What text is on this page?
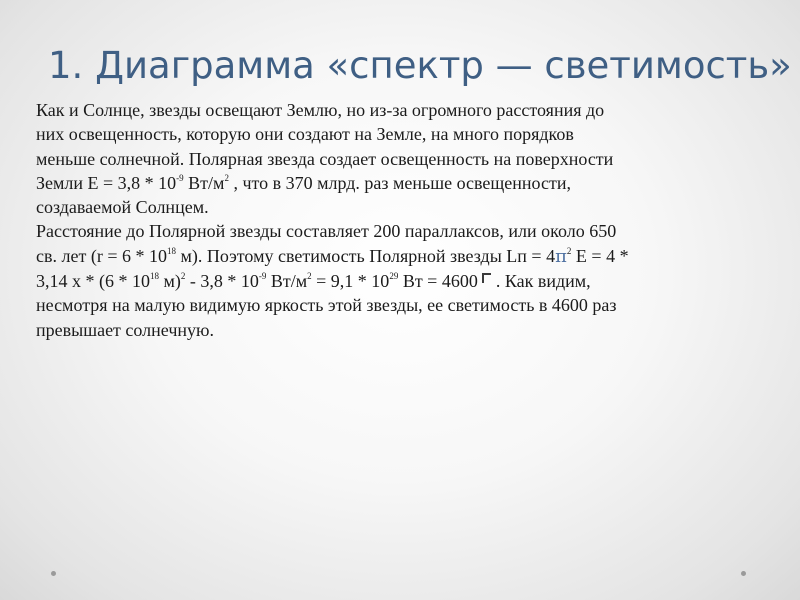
1. Диаграмма «спектр — светимость»

Как и Солнце, звезды освещают Землю, но из-за огромного расстояния до
них освещенность, которую они создают на Земле, на много порядков
меньше солнечной. Полярная звезда создает освещенность на поверхности
Земли $E = 3,8 * 10^{-9}$ $Вт/м^2$ , что в 370 млрд. раз меньше освещенности,
создаваемой Солнцем.

Расстояние до Полярной звезды составляет 200 параллаксов, или около 650
св. лет ($r = 6 * 10^{18}$ м). Поэтому светимость Полярной звезды Lп = $4\pi^2$ E = 4 *
3,14 х * ($6 * 10^{18}$ $м)^2 - 3,8 * 10^{-9}$ $Вт/м^2 = 9,1 * 10^{29}$ Вт = 4600  . Как видим,
несмотря на малую видимую яркость этой звезды, ее светимость в 4600 раз
превышает солнечную.
